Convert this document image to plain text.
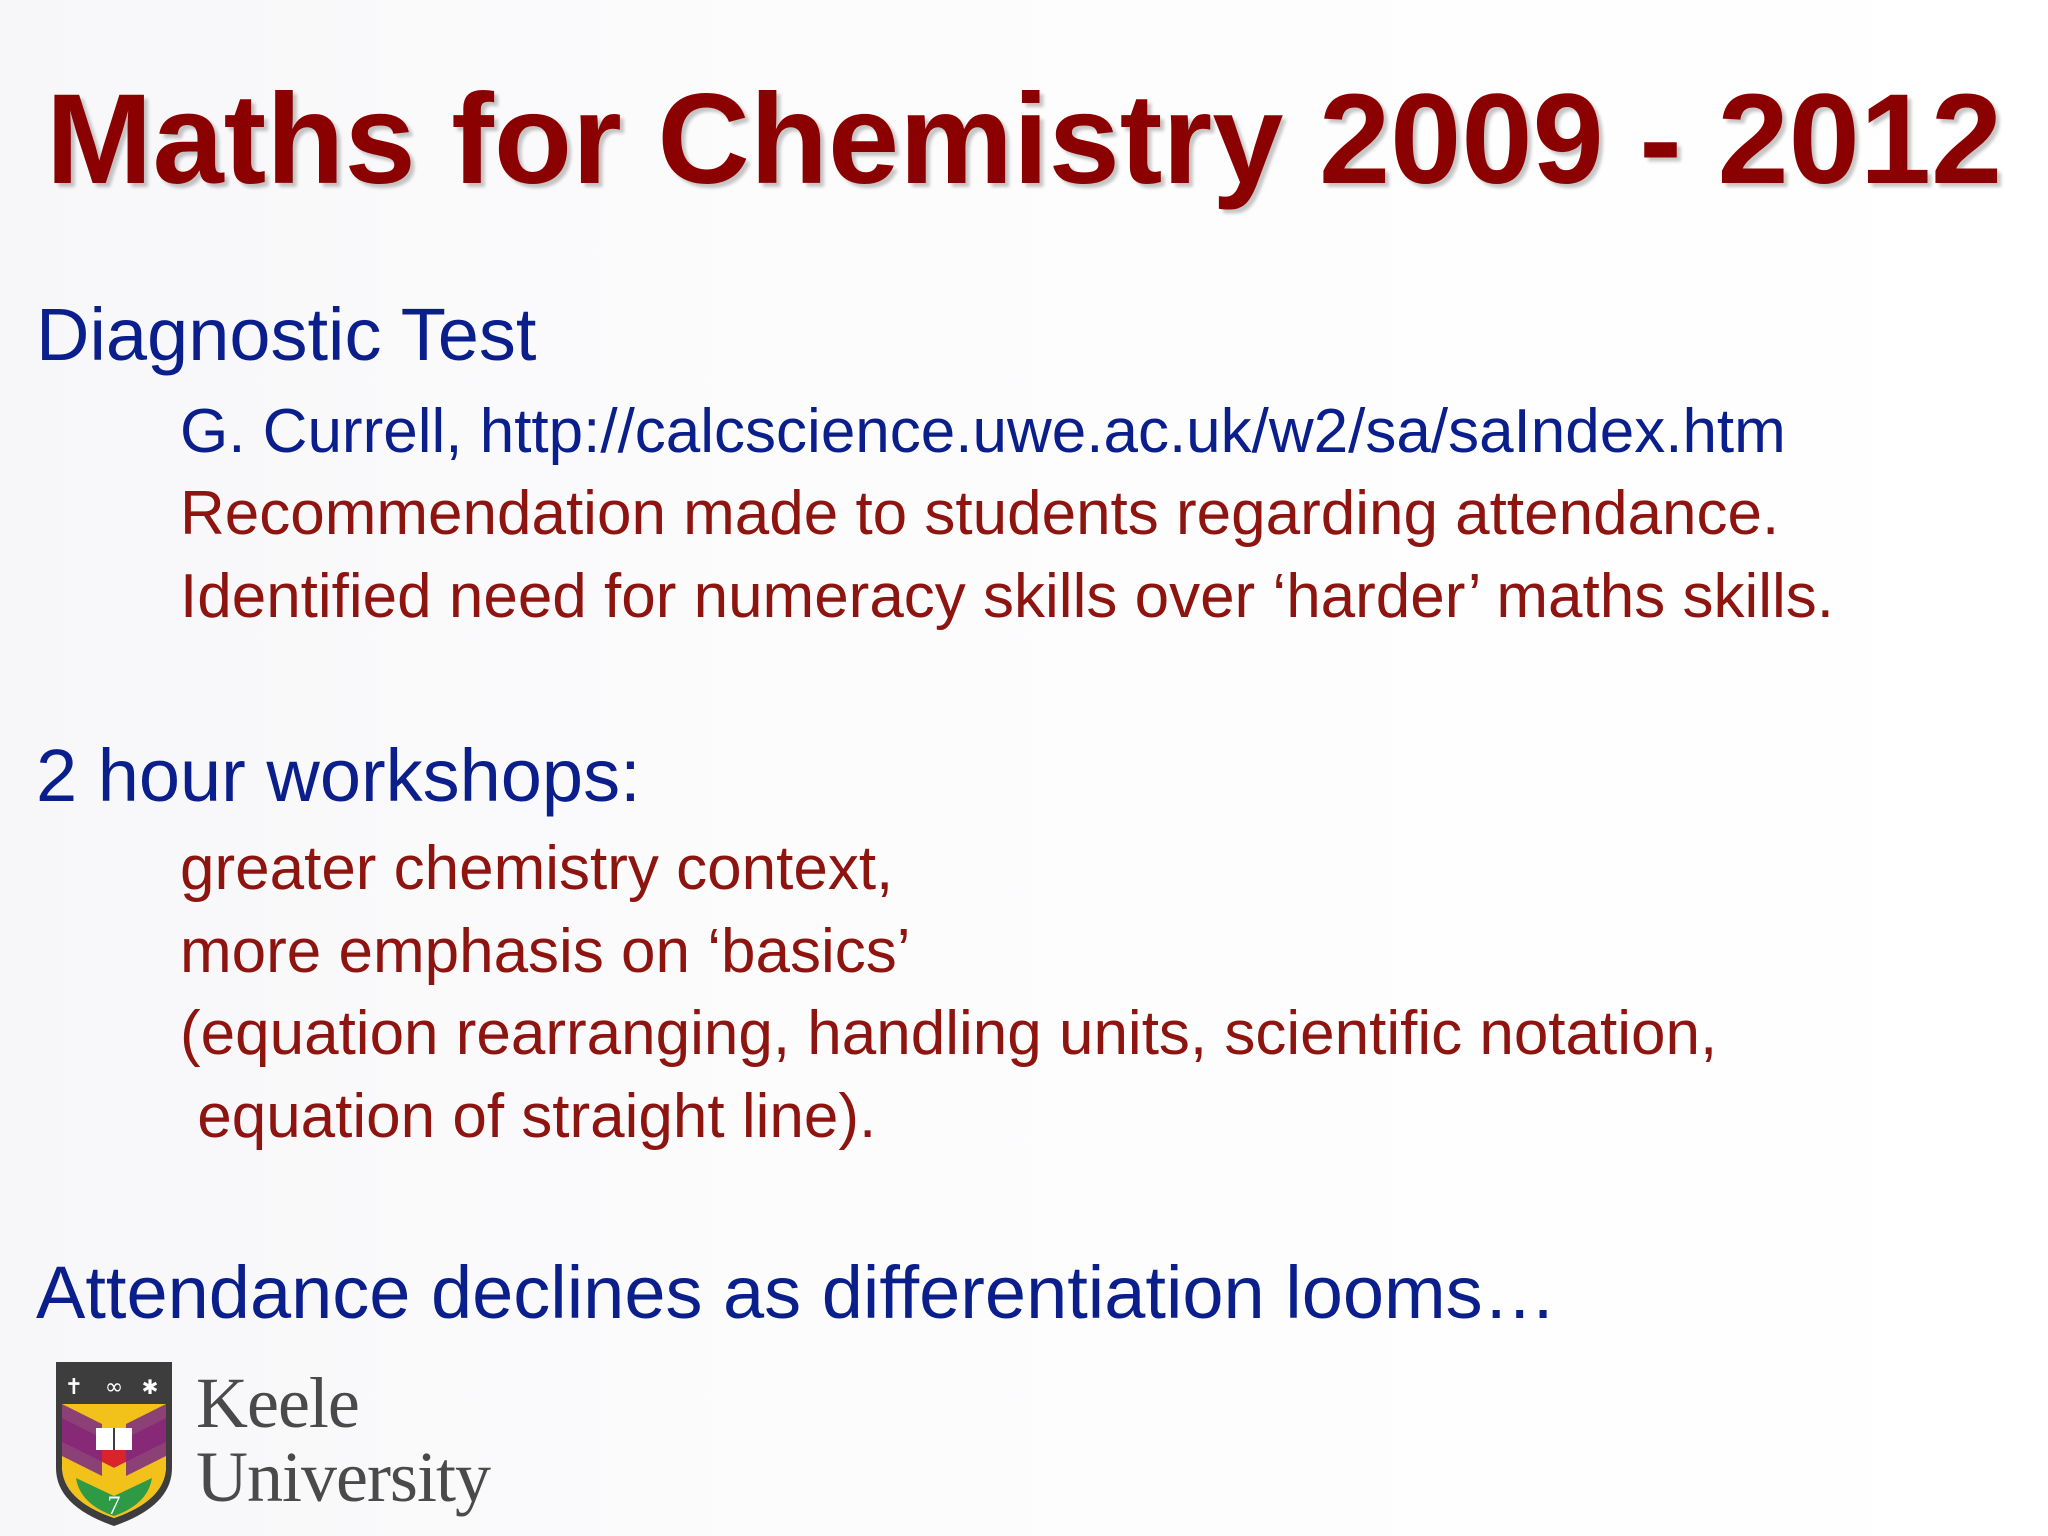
Maths for Chemistry 2009 - 2012
Diagnostic Test
G. Currell, http://calcscience.uwe.ac.uk/w2/sa/saIndex.htm
Recommendation made to students regarding attendance.
Identified need for numeracy skills over ‘harder’ maths skills.
2 hour workshops:
greater chemistry context,
more emphasis on ‘basics’
(equation rearranging, handling units, scientific notation,
equation of straight line).
Attendance declines as differentiation looms…
✝ ∞ ✱
7
Keele
University
